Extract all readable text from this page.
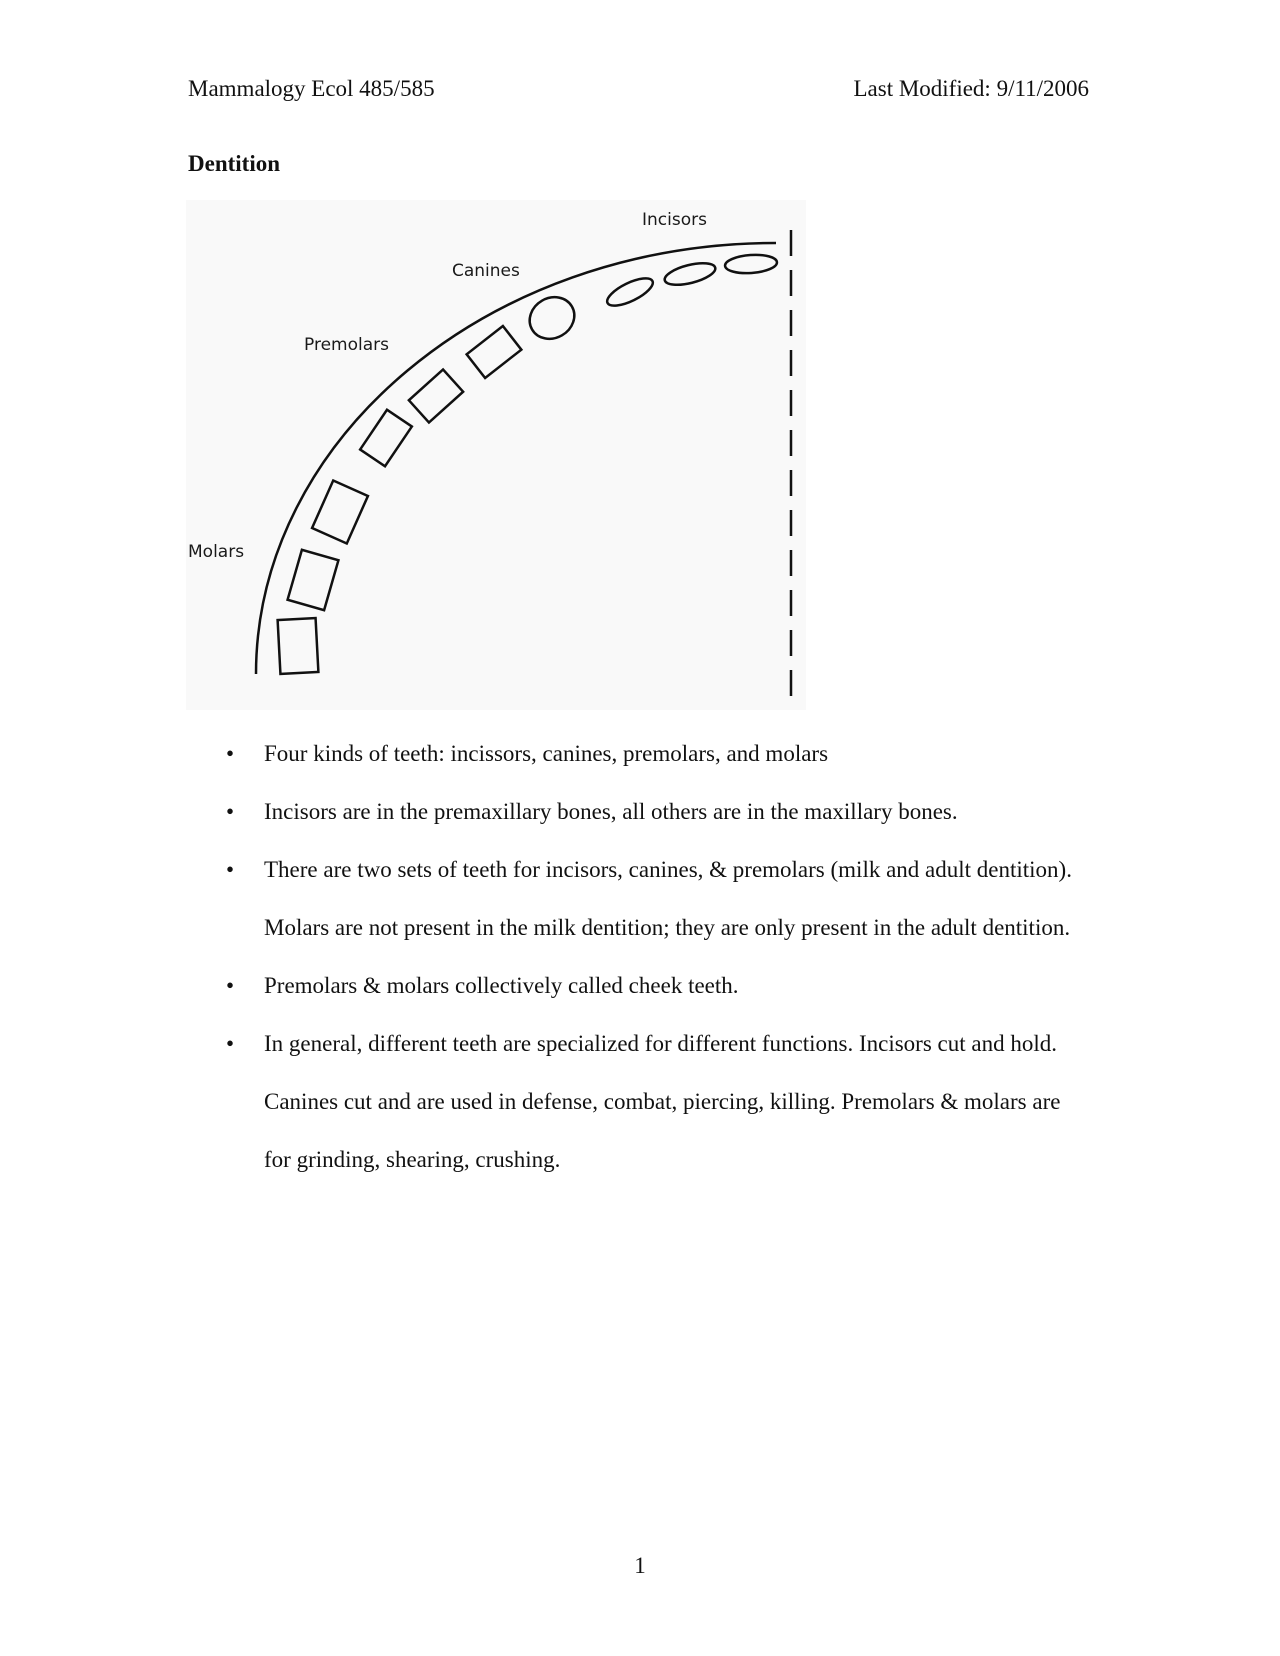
Mammalogy Ecol 485/585	Last Modified: 9/11/2006
Dentition
Incisors
Canines
Premolars
Molars
• Four kinds of teeth: incissors, canines, premolars, and molars
• Incisors are in the premaxillary bones, all others are in the maxillary bones.
• There are two sets of teeth for incisors, canines, & premolars (milk and adult dentition). Molars are not present in the milk dentition; they are only present in the adult dentition.
• Premolars & molars collectively called cheek teeth.
• In general, different teeth are specialized for different functions. Incisors cut and hold. Canines cut and are used in defense, combat, piercing, killing. Premolars & molars are for grinding, shearing, crushing.
1
